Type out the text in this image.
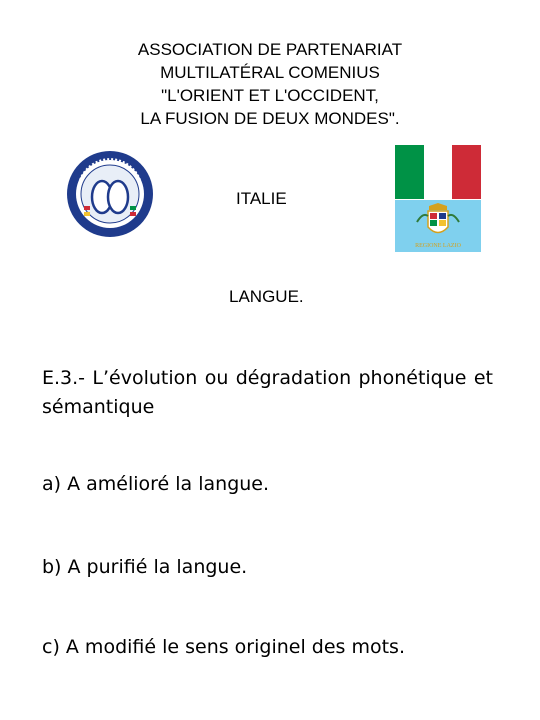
ASSOCIATION DE PARTENARIAT
MULTILATÉRAL COMENIUS
"L'ORIENT ET L'OCCIDENT,
LA FUSION DE DEUX MONDES".
REGIONE LAZIO
ITALIE
LANGUE.
E.3.- L’évolution ou dégradation phonétique et sémantique
a) A amélioré la langue.
b) A purifié la langue.
c) A modifié le sens originel des mots.
